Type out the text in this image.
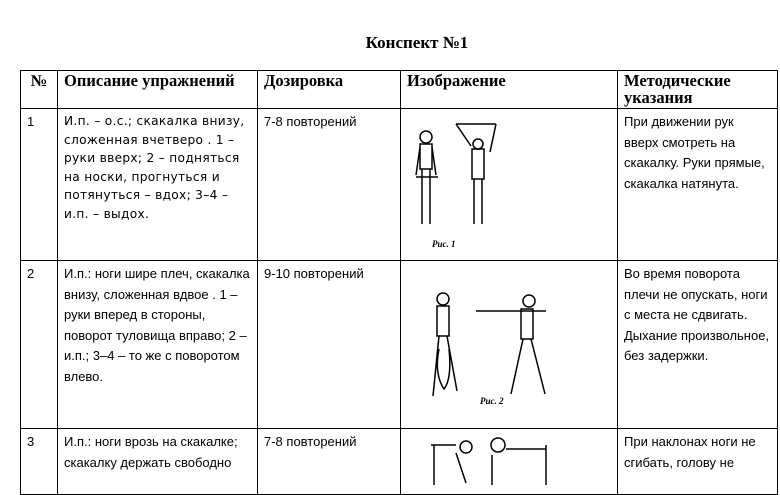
Конспект №1
№	Описание упражнений	Дозировка	Изображение	Методические указания
1	И.п. – о.с.; скакалка внизу, сложенная вчетверо . 1 – руки вверх; 2 – подняться на носки, прогнуться и потянуться – вдох; 3–4 – и.п. – выдох.	7-8 повторений	Рис. 1	При движении рук вверх смотреть на скакалку. Руки прямые, скакалка натянута.
2	И.п.: ноги шире плеч, скакалка внизу, сложенная вдвое . 1 – руки вперед в стороны, поворот туловища вправо; 2 – и.п.; 3–4 – то же с поворотом влево.	9-10 повторений	Рис. 2	Во время поворота плечи не опускать, ноги с места не сдвигать. Дыхание произвольное, без задержки.
3	И.п.: ноги врозь на скакалке; скакалку держать свободно	7-8 повторений		При наклонах ноги не сгибать, голову не
